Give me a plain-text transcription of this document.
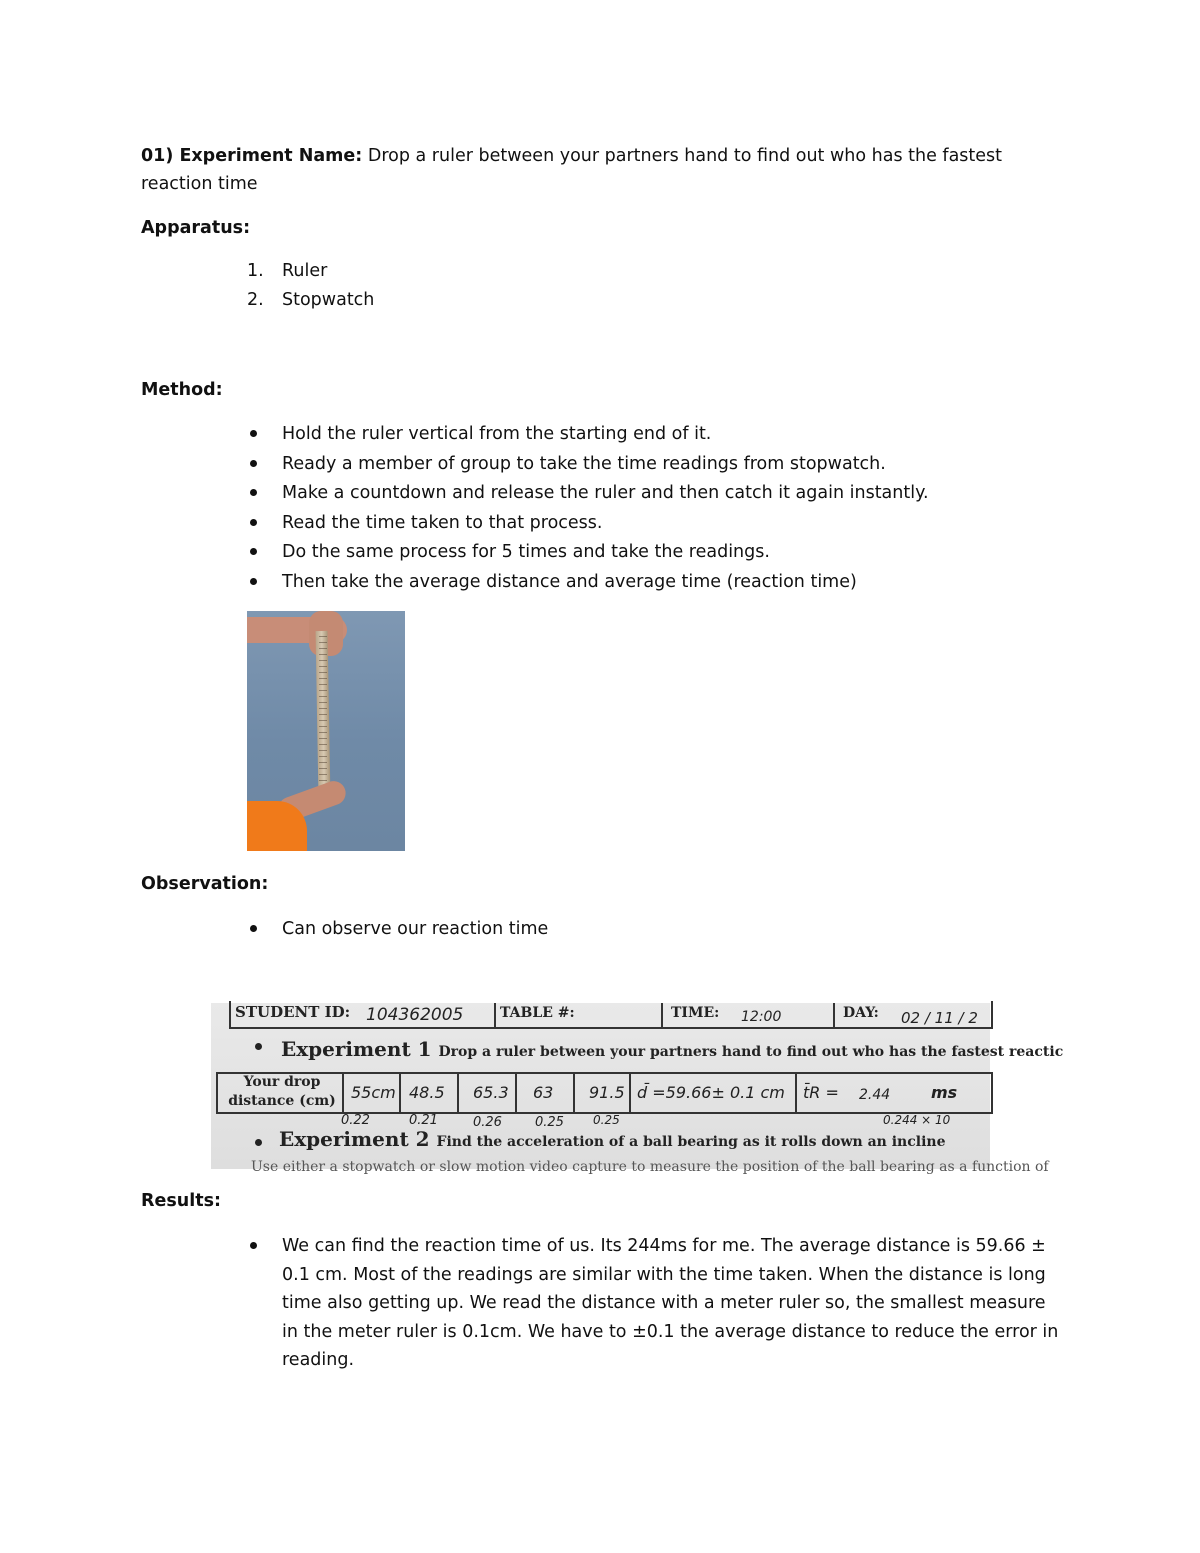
01) Experiment Name: Drop a ruler between your partners hand to find out who has the fastest
reaction time
Apparatus:
1. Ruler
2. Stopwatch
Method:
Hold the ruler vertical from the starting end of it.
Ready a member of group to take the time readings from stopwatch.
Make a countdown and release the ruler and then catch it again instantly.
Read the time taken to that process.
Do the same process for 5 times and take the readings.
Then take the average distance and average time (reaction time)
Observation:
Can observe our reaction time
STUDENT ID: 104362005	TABLE #:	TIME: 12:00	DAY: 02 / 11 / 2
Experiment 1 Drop a ruler between your partners hand to find out who has the fastest reactic
Your drop
distance (cm) 55cm 48.5 65.3 63 91.5 d̄ =59.66± 0.1 cm t̄R = 2.44	ms
0.22	0.21	0.26	0.25 0.25	0.244 × 10
Experiment 2 Find the acceleration of a ball bearing as it rolls down an incline
Use either a stopwatch or slow motion video capture to measure the position of the ball bearing as a function of
Results:
We can find the reaction time of us. Its 244ms for me. The average distance is 59.66 ±
0.1 cm. Most of the readings are similar with the time taken. When the distance is long
time also getting up. We read the distance with a meter ruler so, the smallest measure
in the meter ruler is 0.1cm. We have to ±0.1 the average distance to reduce the error in
reading.
